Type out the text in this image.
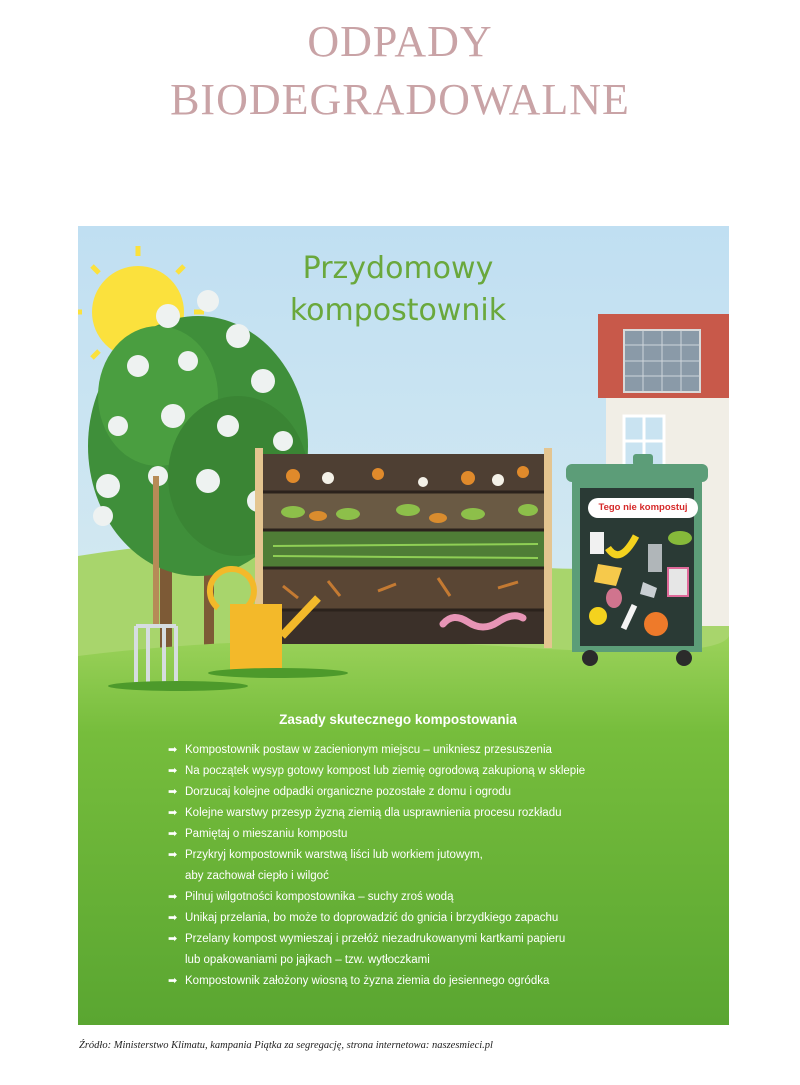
ODPADY
BIODEGRADOWALNE
Przydomowy
kompostownik
Tego nie kompostuj
Zasady skutecznego kompostowania
➡ Kompostownik postaw w zacienionym miejscu – unikniesz przesuszenia
➡ Na początek wysyp gotowy kompost lub ziemię ogrodową zakupioną w sklepie
➡ Dorzucaj kolejne odpadki organiczne pozostałe z domu i ogrodu
➡ Kolejne warstwy przesyp żyzną ziemią dla usprawnienia procesu rozkładu
➡ Pamiętaj o mieszaniu kompostu
➡ Przykryj kompostownik warstwą liści lub workiem jutowym,
aby zachował ciepło i wilgoć
➡ Pilnuj wilgotności kompostownika – suchy zroś wodą
➡ Unikaj przelania, bo może to doprowadzić do gnicia i brzydkiego zapachu
➡ Przelany kompost wymieszaj i przełóż niezadrukowanymi kartkami papieru
lub opakowaniami po jajkach – tzw. wytłoczkami
➡ Kompostownik założony wiosną to żyzna ziemia do jesiennego ogródka
Źródło: Ministerstwo Klimatu, kampania Piątka za segregację, strona internetowa: naszesmieci.pl
